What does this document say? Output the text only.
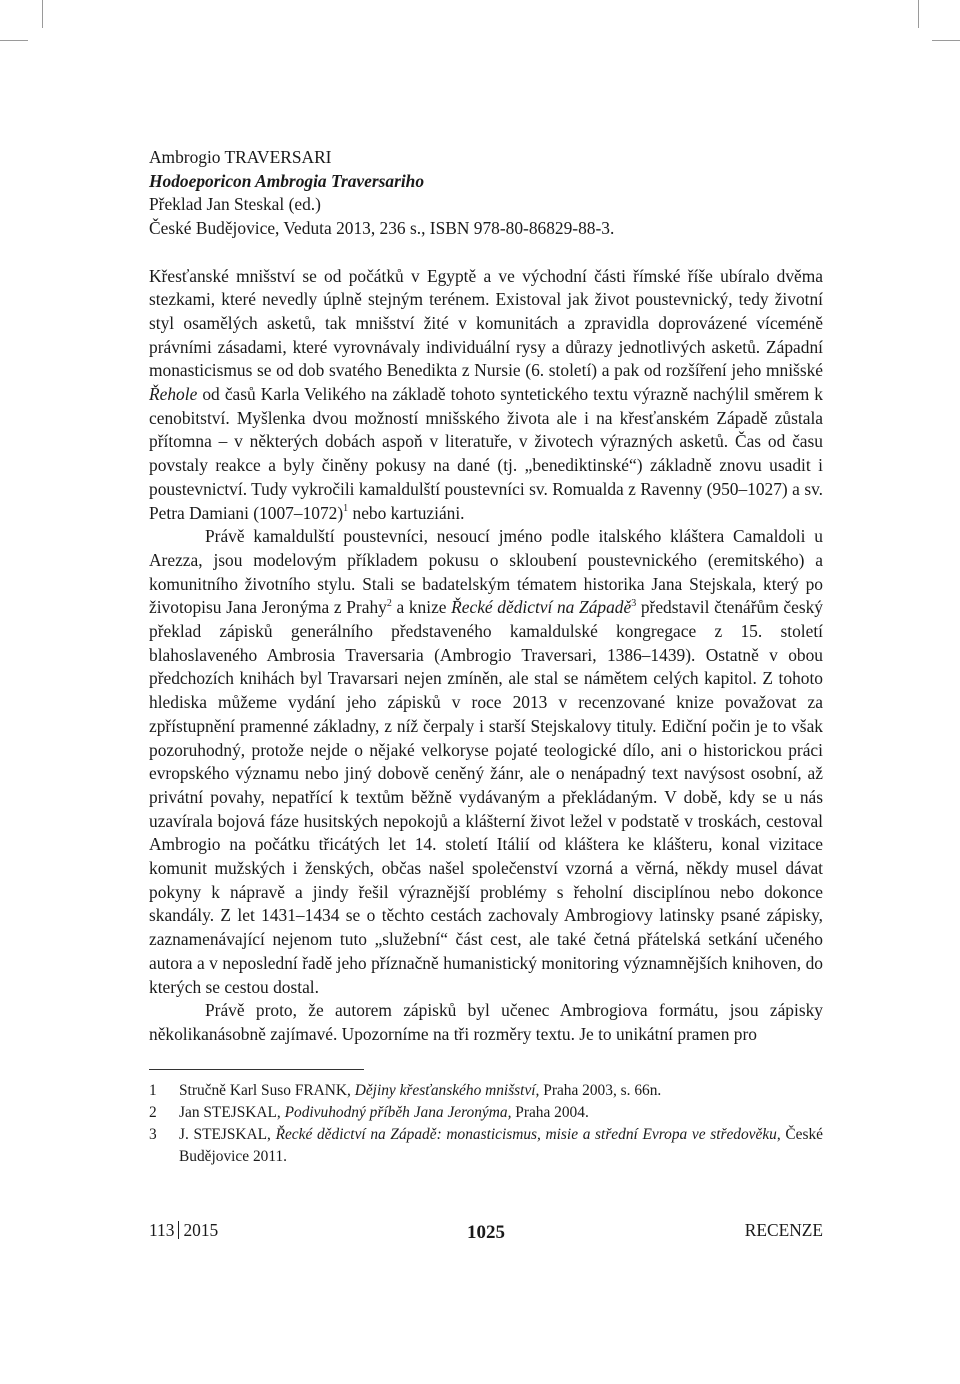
Ambrogio TRAVERSARI
Hodoeporicon Ambrogia Traversariho
Překlad Jan Steskal (ed.)
České Budějovice, Veduta 2013, 236 s., ISBN 978-80-86829-88-3.

Křesťanské mnišství se od počátků v Egyptě a ve východní části římské říše ubíralo dvěma stezkami, které nevedly úplně stejným terénem. Existoval jak život poustevnický, tedy životní styl osamělých asketů, tak mnišství žité v komunitách a zpravidla doprovázené víceméně právními zásadami, které vyrovnávaly individuální rysy a důrazy jednotlivých asketů. Západní monasticismus se od dob svatého Benedikta z Nursie (6. století) a pak od rozšíření jeho mnišské Řehole od časů Karla Velikého na základě tohoto syntetického textu výrazně nachýlil směrem k cenobitství. Myšlenka dvou možností mnišského života ale i na křesťanském Západě zůstala přítomna – v některých dobách aspoň v literatuře, v životech výrazných asketů. Čas od času povstaly reakce a byly činěny pokusy na dané (tj. „benediktinské“) základně znovu usadit i poustevnictví. Tudy vykročili kamaldulští poustevníci sv. Romualda z Ravenny (950–1027) a sv. Petra Damiani (1007–1072)$^1$ nebo kartuziáni.

Právě kamaldulští poustevníci, nesoucí jméno podle italského kláštera Camaldoli u Arezza, jsou modelovým příkladem pokusu o skloubení poustevnického (eremitského) a komunitního životního stylu. Stali se badatelským tématem historika Jana Stejskala, který po životopisu Jana Jeronýma z Prahy$^2$ a knize Řecké dědictví na Západě$^3$ představil čtenářům český překlad zápisků generálního představeného kamaldulské kongregace z 15. století blahoslaveného Ambrosia Traversaria (Ambrogio Traversari, 1386–1439). Ostatně v obou předchozích knihách byl Travarsari nejen zmíněn, ale stal se námětem celých kapitol. Z tohoto hlediska můžeme vydání jeho zápisků v roce 2013 v recenzované knize považovat za zpřístupnění pramenné základny, z níž čerpaly i starší Stejskalovy tituly. Ediční počin je to však pozoruhodný, protože nejde o nějaké velkoryse pojaté teologické dílo, ani o historickou práci evropského významu nebo jiný dobově ceněný žánr, ale o nenápadný text navýsost osobní, až privátní povahy, nepatřící k textům běžně vydávaným a překládaným. V době, kdy se u nás uzavírala bojová fáze husitských nepokojů a klášterní život ležel v podstatě v troskách, cestoval Ambrogio na počátku třicátých let 14. století Itálií od kláštera ke klášteru, konal vizitace komunit mužských i ženských, občas našel společenství vzorná a věrná, někdy musel dávat pokyny k nápravě a jindy řešil výraznější problémy s řeholní disciplínou nebo dokonce skandály. Z let 1431–1434 se o těchto cestách zachovaly Ambrogiovy latinsky psané zápisky, zaznamenávající nejenom tuto „služební“ část cest, ale také četná přátelská setkání učeného autora a v neposlední řadě jeho příznačně humanistický monitoring významnějších knihoven, do kterých se cestou dostal.

Právě proto, že autorem zápisků byl učenec Ambrogiova formátu, jsou zápisky několikanásobně zajímavé. Upozorníme na tři rozměry textu. Je to unikátní pramen pro

1	Stručně Karl Suso FRANK, Dějiny křesťanského mnišství, Praha 2003, s. 66n.
2	Jan STEJSKAL, Podivuhodný příběh Jana Jeronýma, Praha 2004.
3	J. STEJSKAL, Řecké dědictví na Západě: monasticismus, misie a střední Evropa ve středověku, České Budějovice 2011.
113 2015	1025	RECENZE
